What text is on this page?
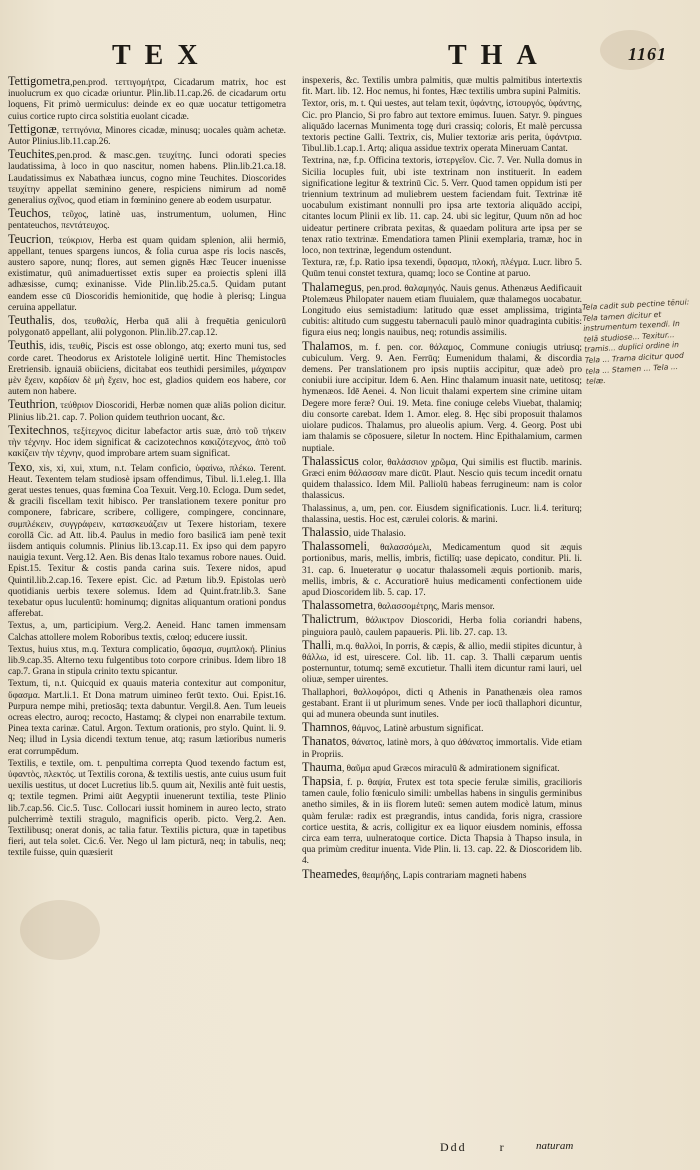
TEX	THA	1161

Tettigometra,pen.prod. τεττιγομήτρα, Cicadarum matrix, hoc est inuolucrum ex quo cicadæ oriuntur. Plin.lib.11.cap.26. de cicadarum ortu loquens, Fit primò uermiculus: deinde ex eo quæ uocatur tettigometra cuius cortice rupto circa solstitia euolant cicadæ.

Tettigonæ, τεττιγόνια, Minores cicadæ, minusq; uocales quàm achetæ. Autor Plinius.lib.11.cap.26.

Teuchites,pen.prod. & masc.gen. τευχίτης. Iunci odorati species laudatissima, à loco in quo nascitur, nomen habens. Plin.lib.21.ca.18. Laudatissimus ex Nabathæa iuncus, cogno mine Teuchites. Dioscorides τευχίτην appellat sæminino genere, respiciens nimirum ad nomē generalius σχῖνος, quod etiam in fœminino genere ab eodem usurpatur.

Teuchos, τεῦχος, latinè uas, instrumentum, uolumen, Hinc pentateuchos, πεντάτευχος.

Teucrion, τεύκριον, Herba est quam quidam splenion, alii hermiō, appellant, tenues spargens iuncos, & folia curua aspe ris locis nascēs, austero sapore, nunq; flores, aut semen gignēs Hæc Teucer inuenisse existimatur, quū animaduertisset extis super ea proiectis spleni illā adhæsisse, cumq; exinanisse. Vide Plin.lib.25.ca.5. Quidam putant eandem esse cū Dioscoridis hemionitide, quę hodie à plerisq; Lingua ceruina appellatur.

Teuthalis, dos, τευθαλίς, Herba quā alii à frequētia geniculorū polygonatō appellant, alii polygonon. Plin.lib.27.cap.12.

Teuthis, idis, τευθίς, Piscis est osse oblongo, atq; exerto muni tus, sed corde caret. Theodorus ex Aristotele loliginē uertit. Hinc Themistocles Eretriensib. ignauiā obiiciens, dicitabat eos teuthidi persimiles, μάχαιραν μὲν ἔχειν, καρδίαν δὲ μὴ ἔχειν, hoc est, gladios quidem eos habere, cor autem non habere.

Teuthrion, τεύθριον Dioscoridi, Herbæ nomen quæ aliās polion dicitur. Plinius lib.21. cap. 7. Polion quidem teuthrion uocant, &c.

Texitechnos, τεξίτεχνος dicitur labefactor artis suæ, ἀπὸ τοῦ τήκειν τὴν τέχνην. Hoc idem significat & cacizotechnos κακιζότεχνος, ἀπὸ τοῦ κακίζειν τὴν τέχνην, quod improbare artem suam significat.

Texo, xis, xi, xui, xtum, n.t. Telam conficio, ὑφαίνω, πλέκω. Terent. Heaut. Texentem telam studiosè ipsam offendimus, Tibul. li.1.eleg.1. Illa gerat uestes tenues, quas fœmina Coa Texuit. Verg.10. Ecloga. Dum sedet, & gracili fiscellam texit hibiscο. Per translationem texere ponitur pro componere, fabricare, scribere, colligere, compingere, concinnare, συμπλέκειν, συγγράφειν, κατασκευάζειν ut Texere historiam, texere corollā Cic. ad Att. lib.4. Paulus in medio foro basilicā iam penè texit iisdem antiquis columnis. Plinius lib.13.cap.11. Ex ipso qui dem papyro nauigia texunt. Verg.12. Aen. Bis denas Italo texamus robore naues. Ouid. Epist.15. Texitur & costis panda carina suis. Texere nidos, apud Quintil.lib.2.cap.16. Texere epist. Cic. ad Pætum lib.9. Epistolas uerò quotidianis uerbis texere solemus. Idem ad Quint.fratr.lib.3. Sane texebatur opus luculentū: hominumq; dignitas aliquantum orationi pondus afferebat.

Textus, a, um, participium. Verg.2. Aeneid. Hanc tamen immensam Calchas attollere molem Roboribus textis, cœloq; educere iussit.

Textus, huius xtus, m.q. Textura complicatio, ὕφασμα, συμπλοκή. Plinius lib.9.cap.35. Alterno texu fulgentibus toto corpore crinibus. Idem libro 18 cap.7. Grana in stipula crinito textu spicantur.

Textum, ti, n.t. Quicquid ex quauis materia contexitur aut componitur, ὕφασμα. Mart.li.1. Et Dona matrum uimineo ferūt texto. Oui. Epist.16. Purpura nempe mihi, pretiosāq; texta dabuntur. Vergil.8. Aen. Tum leueis ocreas electro, auroq; recocto, Hastamq; & clypei non enarrabile textum. Pinea texta carinæ. Catul. Argon. Textum orationis, pro stylo. Quint. li. 9. Neq; illud in Lysia dicendi textum tenue, atq; rasum lætioribus numeris erat corrumpēdum.

Textilis, e textile, om. t. penpultima correpta Quod texendo factum est, ὑφαντὸς, πλεκτός. ut Textilis corona, & textilis uestis, ante cuius usum fuit uexilis uestitus, ut docet Lucretius lib.5. quum ait, Nexilis antè fuit uestis, q; textile tegmen. Primi aiūt Aegyptii inuenerunt textilia, teste Plinio lib.7.cap.56. Cic.5. Tusc. Collocari iussit hominem in aureo lecto, strato pulcherrimè textili stragulo, magnificis operib. picto. Verg.2. Aen. Textilibusq; onerat donis, ac talia fatur. Textilis pictura, quæ in tapetibus fieri, aut tela solet. Cic.6. Ver. Nego ul lam picturā, neq; in tabulis, neq; textile fuisse, quin quæsierit

inspexeris, &c. Textilis umbra palmitis, quæ multis palmitibus intertextis fit. Mart. lib. 12. Hoc nemus, hi fontes, Hæc textilis umbra supini Palmitis.

Textor, oris, m. t. Qui uestes, aut telam texit, ὑφάντης, ἱστουργός, ὑφάντης, Cic. pro Plancio, Si pro fabro aut textore emimus. Iuuen. Satyr. 9. pingues aliquādo lacernas Munimenta togę duri crassiq; coloris, Et malè percussa textoris pectine Galli. Textrix, cis, Mulier textoriæ aris perita, ὑφάντρια. Tibul.lib.1.cap.1. Artq; aliqua assidue textrix operata Mineruam Cantat.

Textrina, næ, f.p. Officina textoris, ἱστεργεῖον. Cic. 7. Ver. Nulla domus in Sicilia locuples fuit, ubi iste textrinam non instituerit. In eadem significatione legitur & textrinū Cic. 5. Verr. Quod tamen oppidum isti per triennium textrinum ad muliebrem uestem faciendam fuit. Textrinæ itē uocabulum existimant nonnulli pro ipsa arte textoria aliquādo accipi, citantes locum Plinii ex lib. 11. cap. 24. ubi sic legitur, Quum nōn ad hoc uideatur pertinere cribrata pexitas, & quaedam politura arte ipsa per se tenax ratio textrinæ. Emendatiora tamen Plinii exemplaria, tramæ, hoc in loco, non textrinæ, legendum ostendunt.

Textura, ræ, f.p. Ratio ipsa texendi, ὕφασμα, πλοκή, πλέγμα. Lucr. libro 5. Quūm tenui constet textura, quamq; loco se Contine at paruo.

Thalamegus, pen.prod. θαλαμηγός. Nauis genus. Athenæus Aedificauit Ptolemæus Philopater nauem etiam fluuialem, quæ thalamegos uocabatur. Longitudo eius semistadium: latitudo quæ esset amplissima, triginta cubitis: altitudo cum suggestu tabernaculi paulò minor quadraginta cubitis: figura eius neq; longis nauibus, neq; rotundis assimilis.

Thalamos, m. f. pen. cor. θάλαμος, Commune coniugis utriusq; cubiculum. Verg. 9. Aen. Ferrūq; Eumenidum thalami, & discordia demens. Per translationem pro ipsis nuptiis accipitur, quæ adeò pro coniubii iure accipitur. Idem 6. Aen. Hinc thalamum inuasit nate, uetitosq; hymenæos. Idē Aenei. 4. Non licuit thalami expertem sine crimine uitam Degere more feræ? Oui. 19. Meta. fine coniuge celebs Viuebat, thalamiq; diu consorte carebat. Idem 1. Amor. eleg. 8. Hęc sibi proposuit thalamos uiolare pudicos. Thalamus, pro alueolis apium. Verg. 4. Georg. Post ubi iam thalamis se cōposuere, siletur In noctem. Hinc Epithalamium, carmen nuptiale.

Thalassicus color, θαλάσσιον χρῶμα, Qui similis est fluctib. marinis. Græci enim θάλασσαν mare dicūt. Plaut. Nescio quis tecum incedit ornatu quidem thalassico. Idem Mil. Palliolū habeas ferrugineum: nam is color thalassicus.

Thalassinus, a, um, pen. cor. Eiusdem significationis. Lucr. li.4. teriturq; thalassina, uestis. Hoc est, cærulei coloris. & marini.

Thalassio, uide Thalasio.

Thalassomeli, θαλασσόμελι, Medicamentum quod sit æquis portionibus, maris, mellis, imbris, fictilīq; uase depicato, conditur. Pli. li. 31. cap. 6. Inueteratur φ uocatur thalassomeli æquis portionib. maris, mellis, imbris, & c. Accuratiorē huius medicamenti confectionem uide apud Dioscoridem lib. 5. cap. 17.

Thalassometra, θαλασσομέτρης, Maris mensor.

Thalictrum, θάλικτρον Dioscoridi, Herba folia coriandri habens, pinguiora paulò, caulem papaueris. Pli. lib. 27. cap. 13.

Thalli, m.q. θαλλοὶ, In porris, & cæpis, & allio, medii stipites dicuntur, à θάλλω, id est, uirescere. Col. lib. 11. cap. 3. Thalli cæparum uentis posternuntur, totumq; semē excutietur. Thalli item dicuntur rami lauri, uel oliuæ, semper uirentes.

Thallaphori, θαλλοφόροι, dicti q Athenis in Panathenæis olea ramos gestabant. Erant ii ut plurimum senes. Vnde per iocū thallaphori dicuntur, qui ad munera obeunda sunt inutiles.

Thamnos, θάμνος, Latinè arbustum significat.

Thanatos, θάνατος, latinè mors, à quo ἀθάνατος immortalis. Vide etiam in Propriis.

Thauma, θαῦμα apud Græcos miraculū & admirationem significat.

Thapsia, f. p. θαψία, Frutex est tota specie ferulæ similis, gracilioris tamen caule, folio fœniculo simili: umbellas habens in singulis germinibus anetho similes, & in iis florem luteū: semen autem modicè latum, minus quàm ferulæ: radix est prægrandis, intus candida, foris nigra, crassiore cortice uestita, & acris, colligitur ex ea liquor eiusdem nominis, effossa circa eam terra, uulneratoque cortice. Dicta Thapsia à Thapso insula, in qua primùm creditur inuenta. Vide Plin. li. 13. cap. 22. & Dioscoridem lib. 4.

Theamedes, θεαμήδης, Lapis contrariam magneti habens

Tela cadit sub pectine tēnui: Tela tamen dicitur et instrumentum texendi. In telā studiose... Texitur... tramis... duplici ordine in Tela ... Trama dicitur quod tela ... Stamen ... Tela ... telæ.
Ddd	r	naturam
